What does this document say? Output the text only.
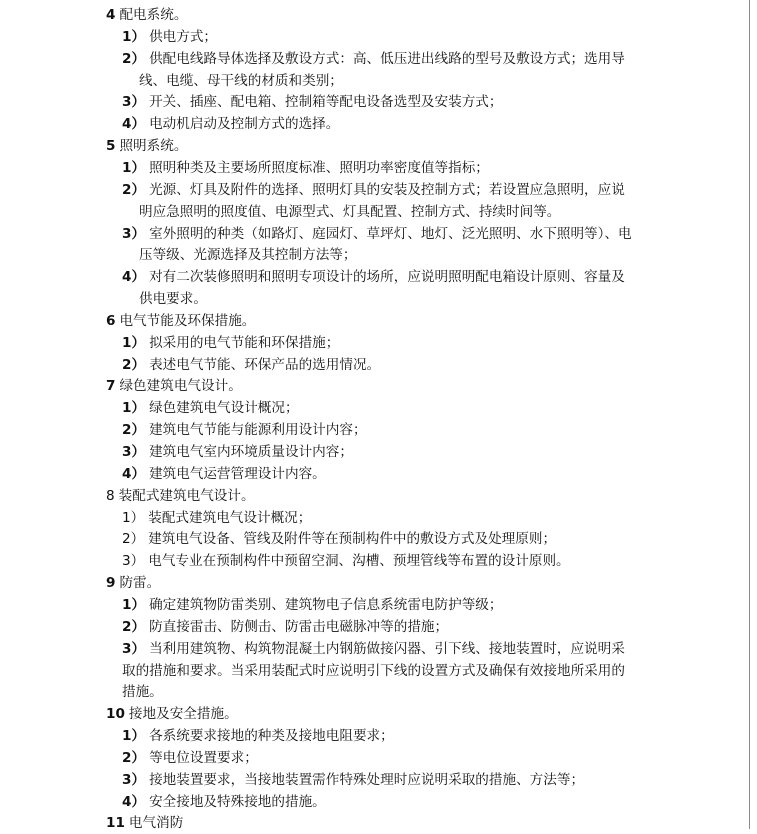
4 配电系统。
1） 供电方式；
2） 供配电线路导体选择及敷设方式：高、低压进出线路的型号及敷设方式；选用导
线、电缆、母干线的材质和类别；
3） 开关、插座、配电箱、控制箱等配电设备选型及安装方式；
4） 电动机启动及控制方式的选择。
5 照明系统。
1） 照明种类及主要场所照度标准、照明功率密度值等指标；
2） 光源、灯具及附件的选择、照明灯具的安装及控制方式；若设置应急照明，应说
明应急照明的照度值、电源型式、灯具配置、控制方式、持续时间等。
3） 室外照明的种类（如路灯、庭园灯、草坪灯、地灯、泛光照明、水下照明等）、电
压等级、光源选择及其控制方法等；
4） 对有二次装修照明和照明专项设计的场所，应说明照明配电箱设计原则、容量及
供电要求。
6 电气节能及环保措施。
1） 拟采用的电气节能和环保措施；
2） 表述电气节能、环保产品的选用情况。
7 绿色建筑电气设计。
1） 绿色建筑电气设计概况；
2） 建筑电气节能与能源利用设计内容；
3） 建筑电气室内环境质量设计内容；
4） 建筑电气运营管理设计内容。
8 装配式建筑电气设计。
1） 装配式建筑电气设计概况；
2） 建筑电气设备、管线及附件等在预制构件中的敷设方式及处理原则；
3） 电气专业在预制构件中预留空洞、沟槽、预埋管线等布置的设计原则。
9 防雷。
1） 确定建筑物防雷类别、建筑物电子信息系统雷电防护等级；
2） 防直接雷击、防侧击、防雷击电磁脉冲等的措施；
3） 当利用建筑物、构筑物混凝土内钢筋做接闪器、引下线、接地装置时，应说明采
取的措施和要求。当采用装配式时应说明引下线的设置方式及确保有效接地所采用的
措施。
10 接地及安全措施。
1） 各系统要求接地的种类及接地电阻要求；
2） 等电位设置要求；
3） 接地装置要求，当接地装置需作特殊处理时应说明采取的措施、方法等；
4） 安全接地及特殊接地的措施。
11 电气消防
